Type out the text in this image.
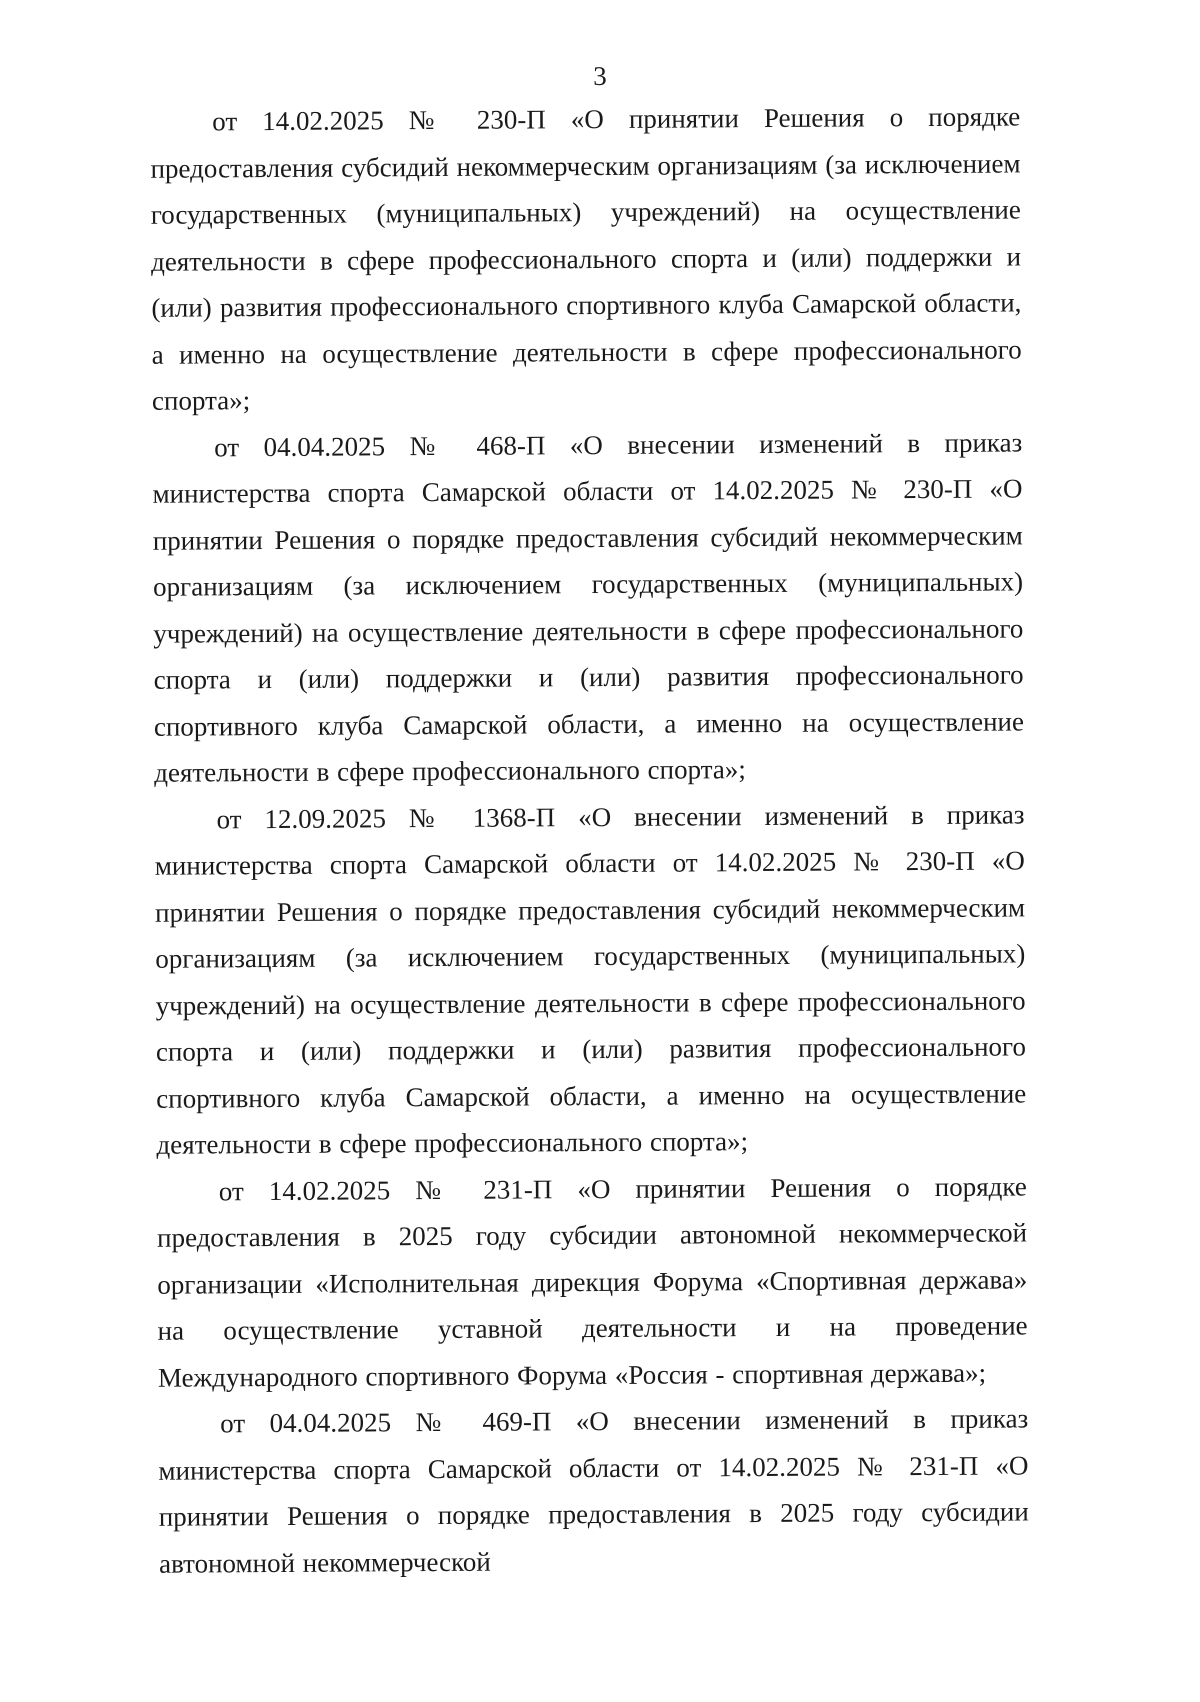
3

от 14.02.2025 № 230-П «О принятии Решения о порядке предоставления субсидий некоммерческим организациям (за исключением государственных (муниципальных) учреждений) на осуществление деятельности в сфере профессионального спорта и (или) поддержки и (или) развития профессионального спортивного клуба Самарской области, а именно на осуществление деятельности в сфере профессионального спорта»;

от 04.04.2025 № 468-П «О внесении изменений в приказ министерства спорта Самарской области от 14.02.2025 № 230-П «О принятии Решения о порядке предоставления субсидий некоммерческим организациям (за исключением государственных (муниципальных) учреждений) на осуществление деятельности в сфере профессионального спорта и (или) поддержки и (или) развития профессионального спортивного клуба Самарской области, а именно на осуществление деятельности в сфере профессионального спорта»;

от 12.09.2025 № 1368-П «О внесении изменений в приказ министерства спорта Самарской области от 14.02.2025 № 230-П «О принятии Решения о порядке предоставления субсидий некоммерческим организациям (за исключением государственных (муниципальных) учреждений) на осуществление деятельности в сфере профессионального спорта и (или) поддержки и (или) развития профессионального спортивного клуба Самарской области, а именно на осуществление деятельности в сфере профессионального спорта»;

от 14.02.2025 № 231-П «О принятии Решения о порядке предоставления в 2025 году субсидии автономной некоммерческой организации «Исполнительная дирекция Форума «Спортивная держава» на осуществление уставной деятельности и на проведение Международного спортивного Форума «Россия - спортивная держава»;

от 04.04.2025 № 469-П «О внесении изменений в приказ министерства спорта Самарской области от 14.02.2025 № 231-П «О принятии Решения о порядке предоставления в 2025 году субсидии автономной некоммерческой
